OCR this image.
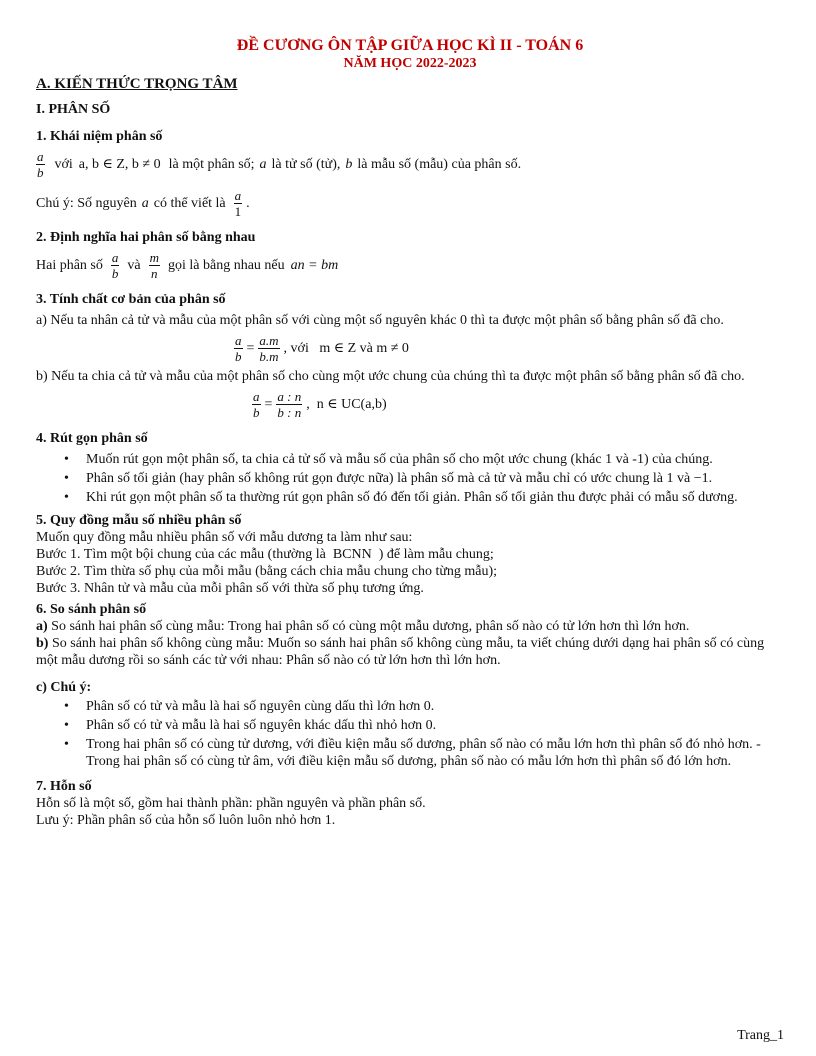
ĐỀ CƯƠNG ÔN TẬP GIỮA HỌC KÌ II - TOÁN 6
NĂM HỌC 2022-2023
A. KIẾN THỨC TRỌNG TÂM
I. PHÂN SỐ
1. Khái niệm phân số
$\frac{a}{b}$ với a, b ∈ Z, b ≠ 0 là một phân số; a là tử số (tử), b là mẫu số (mẫu) của phân số.
Chú ý: Số nguyên a có thể viết là $\frac{a}{1}$ .
2. Định nghĩa hai phân số bằng nhau
Hai phân số $\frac{a}{b}$ và $\frac{m}{n}$ gọi là bằng nhau nếu an = bm
3. Tính chất cơ bản của phân số

a) Nếu ta nhân cả tử và mẫu của một phân số với cùng một số nguyên khác 0 thì ta được một phân số bằng phân số đã cho.

$\frac{a}{b} = \frac{a.m}{b.m}$ , với   m ∈ Z và m ≠ 0

b) Nếu ta chia cả tử và mẫu của một phân số cho cùng một ước chung của chúng thì ta được một phân số bằng phân số đã cho.

$\frac{a}{b} = \frac{a : n}{b : n}$ ,  n ∈ UC(a,b)
4. Rút gọn phân số
• Muốn rút gọn một phân số, ta chia cả tử số và mẫu số của phân số cho một ước chung (khác 1 và -1) của chúng.
• Phân số tối giản (hay phân số không rút gọn được nữa) là phân số mà cả tử và mẫu chỉ có ước chung là 1 và −1.
• Khi rút gọn một phân số ta thường rút gọn phân số đó đến tối giản. Phân số tối giản thu được phải có mẫu số dương.
5. Quy đồng mẫu số nhiều phân số

Muốn quy đồng mẫu nhiều phân số với mẫu dương ta làm như sau:

Bước 1. Tìm một bội chung của các mẫu (thường là  BCNN  ) để làm mẫu chung;

Bước 2. Tìm thừa số phụ của mỗi mẫu (bằng cách chia mẫu chung cho từng mẫu);

Bước 3. Nhân tử và mẫu của mỗi phân số với thừa số phụ tương ứng.

6. So sánh phân số

a) So sánh hai phân số cùng mẫu: Trong hai phân số có cùng một mẫu dương, phân số nào có tử lớn hơn thì lớn hơn.

b) So sánh hai phân số không cùng mẫu: Muốn so sánh hai phân số không cùng mẫu, ta viết chúng dưới dạng hai phân số có cùng một mẫu dương rồi so sánh các tử với nhau: Phân số nào có tử lớn hơn thì lớn hơn.

c) Chú ý:
• Phân số có tử và mẫu là hai số nguyên cùng dấu thì lớn hơn 0.
• Phân số có tử và mẫu là hai số nguyên khác dấu thì nhỏ hơn 0.
• Trong hai phân số có cùng tử dương, với điều kiện mẫu số dương, phân số nào có mẫu lớn hơn thì phân số đó nhỏ hơn. - Trong hai phân số có cùng tử âm, với điều kiện mẫu số dương, phân số nào có mẫu lớn hơn thì phân số đó lớn hơn.
7. Hỗn số

Hỗn số là một số, gồm hai thành phần: phần nguyên và phần phân số.

Lưu ý: Phần phân số của hỗn số luôn luôn nhỏ hơn 1.

Trang_1
